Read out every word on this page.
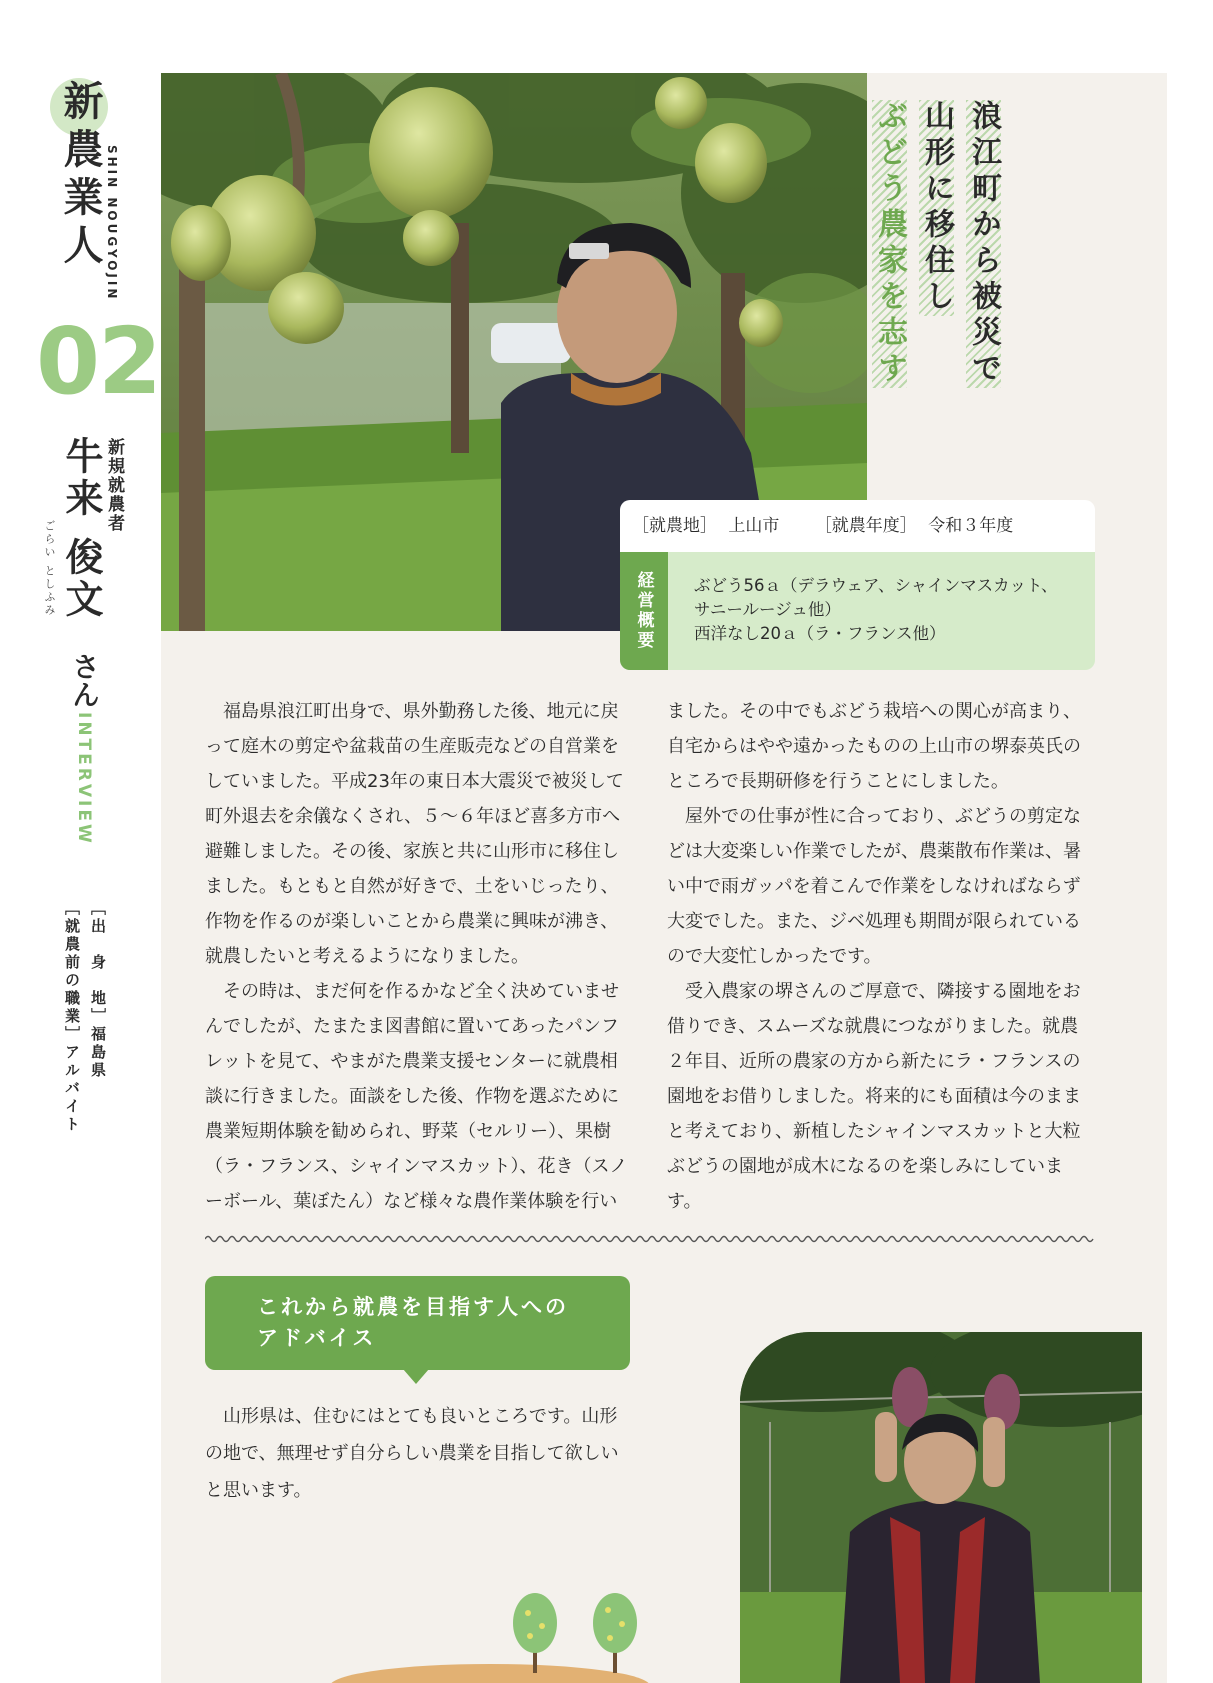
新農業人 SHIN NOUGYOJIN
02
新規就農者
牛来 俊文
さん
ごらい
としふみ
INTERVIEW
［出　身　地］福島県
［就農前の職業］アルバイト
浪江町から被災で
山形に移住し
ぶどう農家を志す
［就農地］ 上山市 ［就農年度］ 令和３年度
経営概要	ぶどう56ａ（デラウェア、シャインマスカット、
サニールージュ他）
西洋なし20ａ（ラ・フランス他）

福島県浪江町出身で、県外勤務した後、地元に戻って庭木の剪定や盆栽苗の生産販売などの自営業をしていました。平成23年の東日本大震災で被災して町外退去を余儀なくされ、５〜６年ほど喜多方市へ避難しました。その後、家族と共に山形市に移住しました。もともと自然が好きで、土をいじったり、作物を作るのが楽しいことから農業に興味が沸き、就農したいと考えるようになりました。

その時は、まだ何を作るかなど全く決めていませんでしたが、たまたま図書館に置いてあったパンフレットを見て、やまがた農業支援センターに就農相談に行きました。面談をした後、作物を選ぶために農業短期体験を勧められ、野菜（セルリー）、果樹（ラ・フランス、シャインマスカット）、花き（スノーボール、葉ぼたん）など様々な農作業体験を行い

ました。その中でもぶどう栽培への関心が高まり、自宅からはやや遠かったものの上山市の堺泰英氏のところで長期研修を行うことにしました。

屋外での仕事が性に合っており、ぶどうの剪定などは大変楽しい作業でしたが、農薬散布作業は、暑い中で雨ガッパを着こんで作業をしなければならず大変でした。また、ジベ処理も期間が限られているので大変忙しかったです。

受入農家の堺さんのご厚意で、隣接する園地をお借りでき、スムーズな就農につながりました。就農２年目、近所の農家の方から新たにラ・フランスの園地をお借りしました。将来的にも面積は今のままと考えており、新植したシャインマスカットと大粒ぶどうの園地が成木になるのを楽しみにしています。

これから就農を目指す人への
アドバイス

山形県は、住むにはとても良いところです。山形の地で、無理せず自分らしい農業を目指して欲しいと思います。
